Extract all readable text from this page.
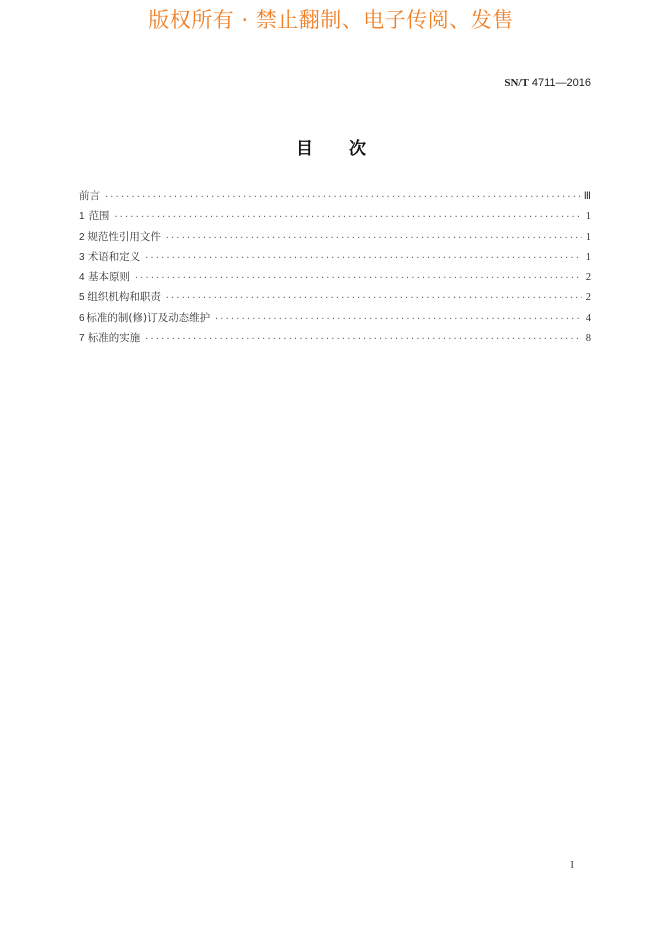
版权所有 · 禁止翻制、电子传阅、发售
SN/T 4711—2016
目次
前言 ·····	Ⅲ
1 范围 ·····	1
2 规范性引用文件 ·····	1
3 术语和定义 ·····	1
4 基本原则 ·····	2
5 组织机构和职责 ·····	2
6 标准的制(修)订及动态维护 ·····	4
7 标准的实施 ·····	8
I
